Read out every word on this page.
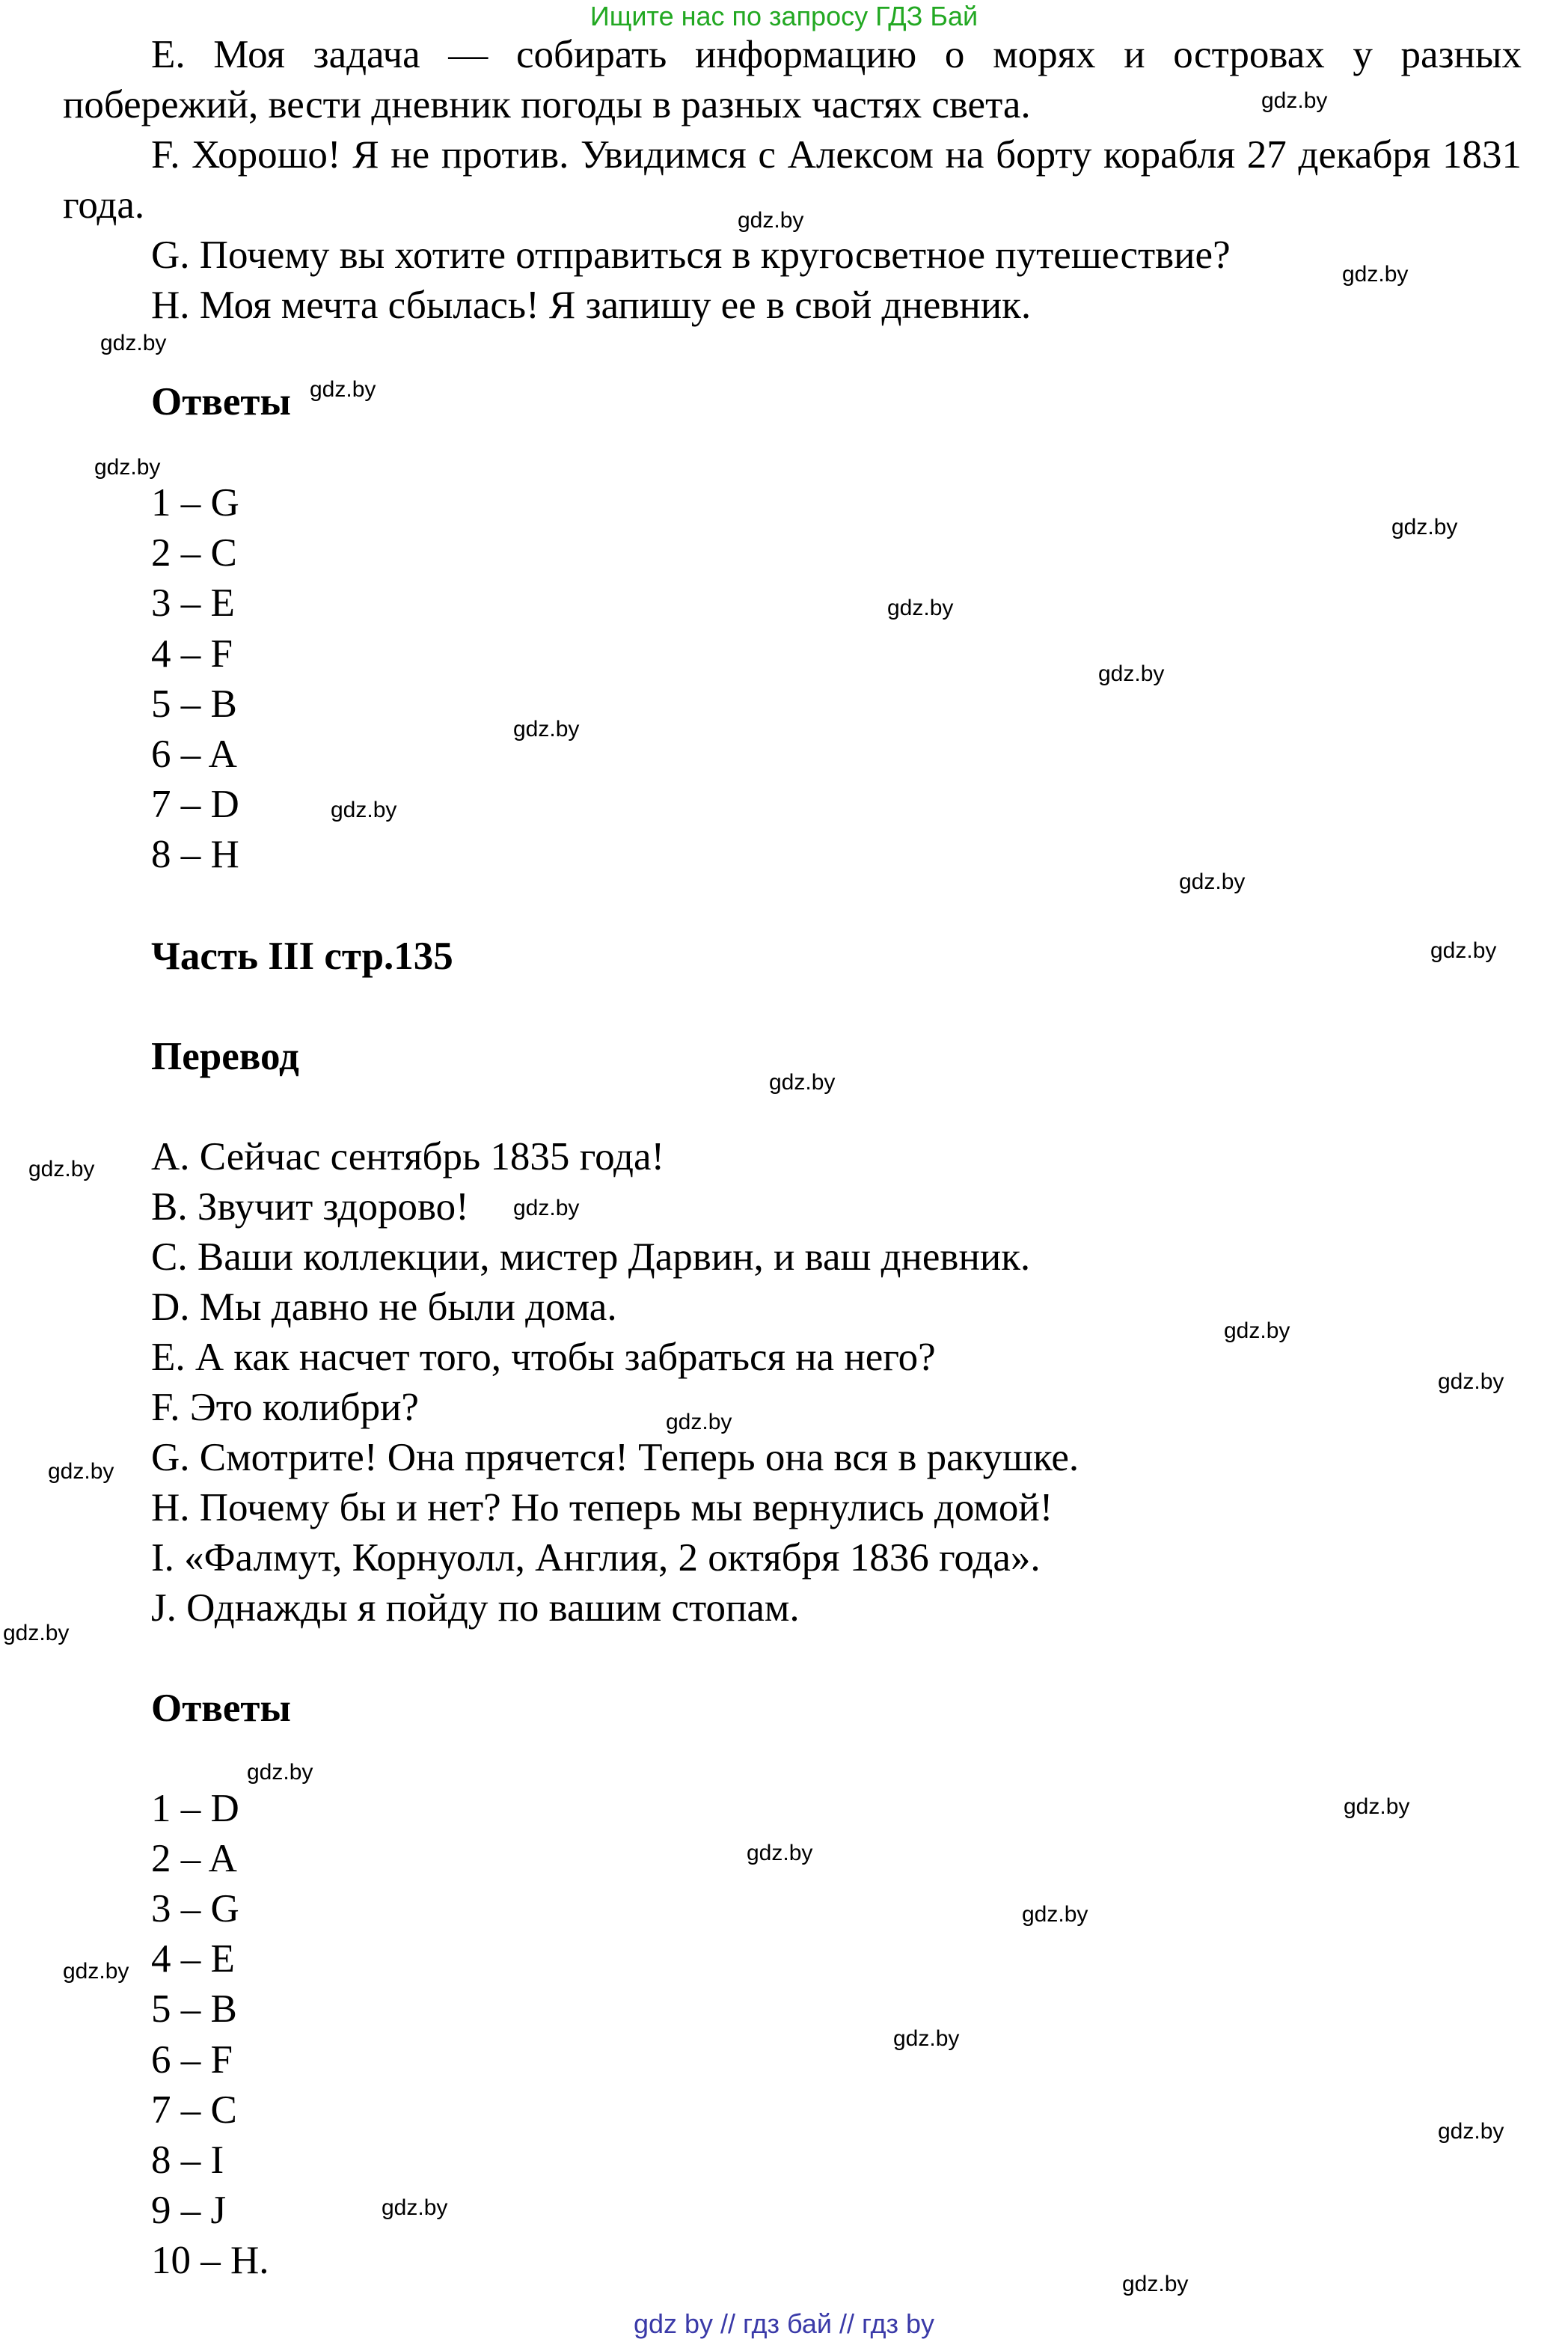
Ищите нас по запросу ГДЗ Бай

E. Моя задача — собирать информацию о морях и островах у разных побережий, вести дневник погоды в разных частях света.

F. Хорошо! Я не против. Увидимся с Алексом на борту корабля 27 декабря 1831 года.

G. Почему вы хотите отправиться в кругосветное путешествие?

H. Моя мечта сбылась! Я запишу ее в свой дневник.

Ответы

1 – G

2 – C

3 – E

4 – F

5 – B

6 – A

7 – D

8 – H

Часть III стр.135

Перевод

A. Сейчас сентябрь 1835 года!

B. Звучит здорово!

C. Ваши коллекции, мистер Дарвин, и ваш дневник.

D. Мы давно не были дома.

E. А как насчет того, чтобы забраться на него?

F. Это колибри?

G. Смотрите! Она прячется! Теперь она вся в ракушке.

H. Почему бы и нет? Но теперь мы вернулись домой!

I. «Фалмут, Корнуолл, Англия, 2 октября 1836 года».

J. Однажды я пойду по вашим стопам.

Ответы

1 – D

2 – A

3 – G

4 – E

5 – B

6 – F

7 – C

8 – I

9 – J

10 – H.

gdz.by
gdz.by
gdz.by
gdz.by
gdz.by
gdz.by
gdz.by
gdz.by
gdz.by
gdz.by
gdz.by
gdz.by
gdz.by
gdz.by
gdz.by
gdz.by
gdz.by
gdz.by
gdz.by
gdz.by
gdz.by
gdz.by
gdz.by
gdz.by
gdz.by
gdz.by
gdz.by
gdz.by
gdz.by
gdz.by
gdz by // гдз бай // гдз by
